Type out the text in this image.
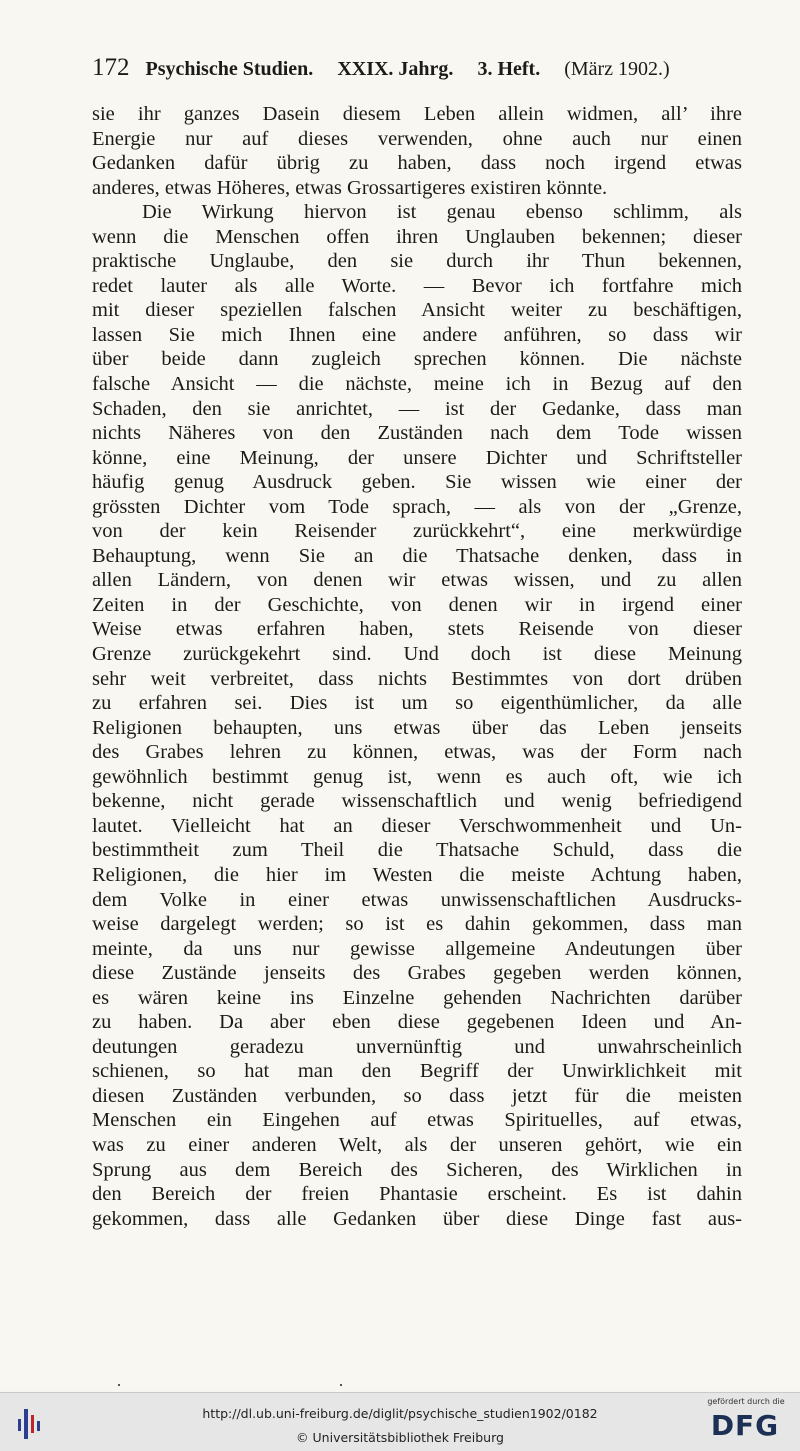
172 Psychische Studien. XXIX. Jahrg. 3. Heft. (März 1902.)
sie ihr ganzes Dasein diesem Leben allein widmen, all’ ihre
Energie nur auf dieses verwenden, ohne auch nur einen
Gedanken dafür übrig zu haben, dass noch irgend etwas
anderes, etwas Höheres, etwas Grossartigeres existiren könnte.
Die Wirkung hiervon ist genau ebenso schlimm, als
wenn die Menschen offen ihren Unglauben bekennen; dieser
praktische Unglaube, den sie durch ihr Thun bekennen,
redet lauter als alle Worte. — Bevor ich fortfahre mich
mit dieser speziellen falschen Ansicht weiter zu beschäftigen,
lassen Sie mich Ihnen eine andere anführen, so dass wir
über beide dann zugleich sprechen können. Die nächste
falsche Ansicht — die nächste, meine ich in Bezug auf den
Schaden, den sie anrichtet, — ist der Gedanke, dass man
nichts Näheres von den Zuständen nach dem Tode wissen
könne, eine Meinung, der unsere Dichter und Schriftsteller
häufig genug Ausdruck geben. Sie wissen wie einer der
grössten Dichter vom Tode sprach, — als von der „Grenze,
von der kein Reisender zurückkehrt“, eine merkwürdige
Behauptung, wenn Sie an die Thatsache denken, dass in
allen Ländern, von denen wir etwas wissen, und zu allen
Zeiten in der Geschichte, von denen wir in irgend einer
Weise etwas erfahren haben, stets Reisende von dieser
Grenze zurückgekehrt sind. Und doch ist diese Meinung
sehr weit verbreitet, dass nichts Bestimmtes von dort drüben
zu erfahren sei. Dies ist um so eigenthümlicher, da alle
Religionen behaupten, uns etwas über das Leben jenseits
des Grabes lehren zu können, etwas, was der Form nach
gewöhnlich bestimmt genug ist, wenn es auch oft, wie ich
bekenne, nicht gerade wissenschaftlich und wenig befriedigend
lautet. Vielleicht hat an dieser Verschwommenheit und Un-
bestimmtheit zum Theil die Thatsache Schuld, dass die
Religionen, die hier im Westen die meiste Achtung haben,
dem Volke in einer etwas unwissenschaftlichen Ausdrucks-
weise dargelegt werden; so ist es dahin gekommen, dass man
meinte, da uns nur gewisse allgemeine Andeutungen über
diese Zustände jenseits des Grabes gegeben werden können,
es wären keine ins Einzelne gehenden Nachrichten darüber
zu haben. Da aber eben diese gegebenen Ideen und An-
deutungen geradezu unvernünftig und unwahrscheinlich
schienen, so hat man den Begriff der Unwirklichkeit mit
diesen Zuständen verbunden, so dass jetzt für die meisten
Menschen ein Eingehen auf etwas Spirituelles, auf etwas,
was zu einer anderen Welt, als der unseren gehört, wie ein
Sprung aus dem Bereich des Sicheren, des Wirklichen in
den Bereich der freien Phantasie erscheint. Es ist dahin
gekommen, dass alle Gedanken über diese Dinge fast aus-
http://dl.ub.uni-freiburg.de/diglit/psychische_studien1902/0182
© Universitätsbibliothek Freiburg
gefördert durch die
DFG
